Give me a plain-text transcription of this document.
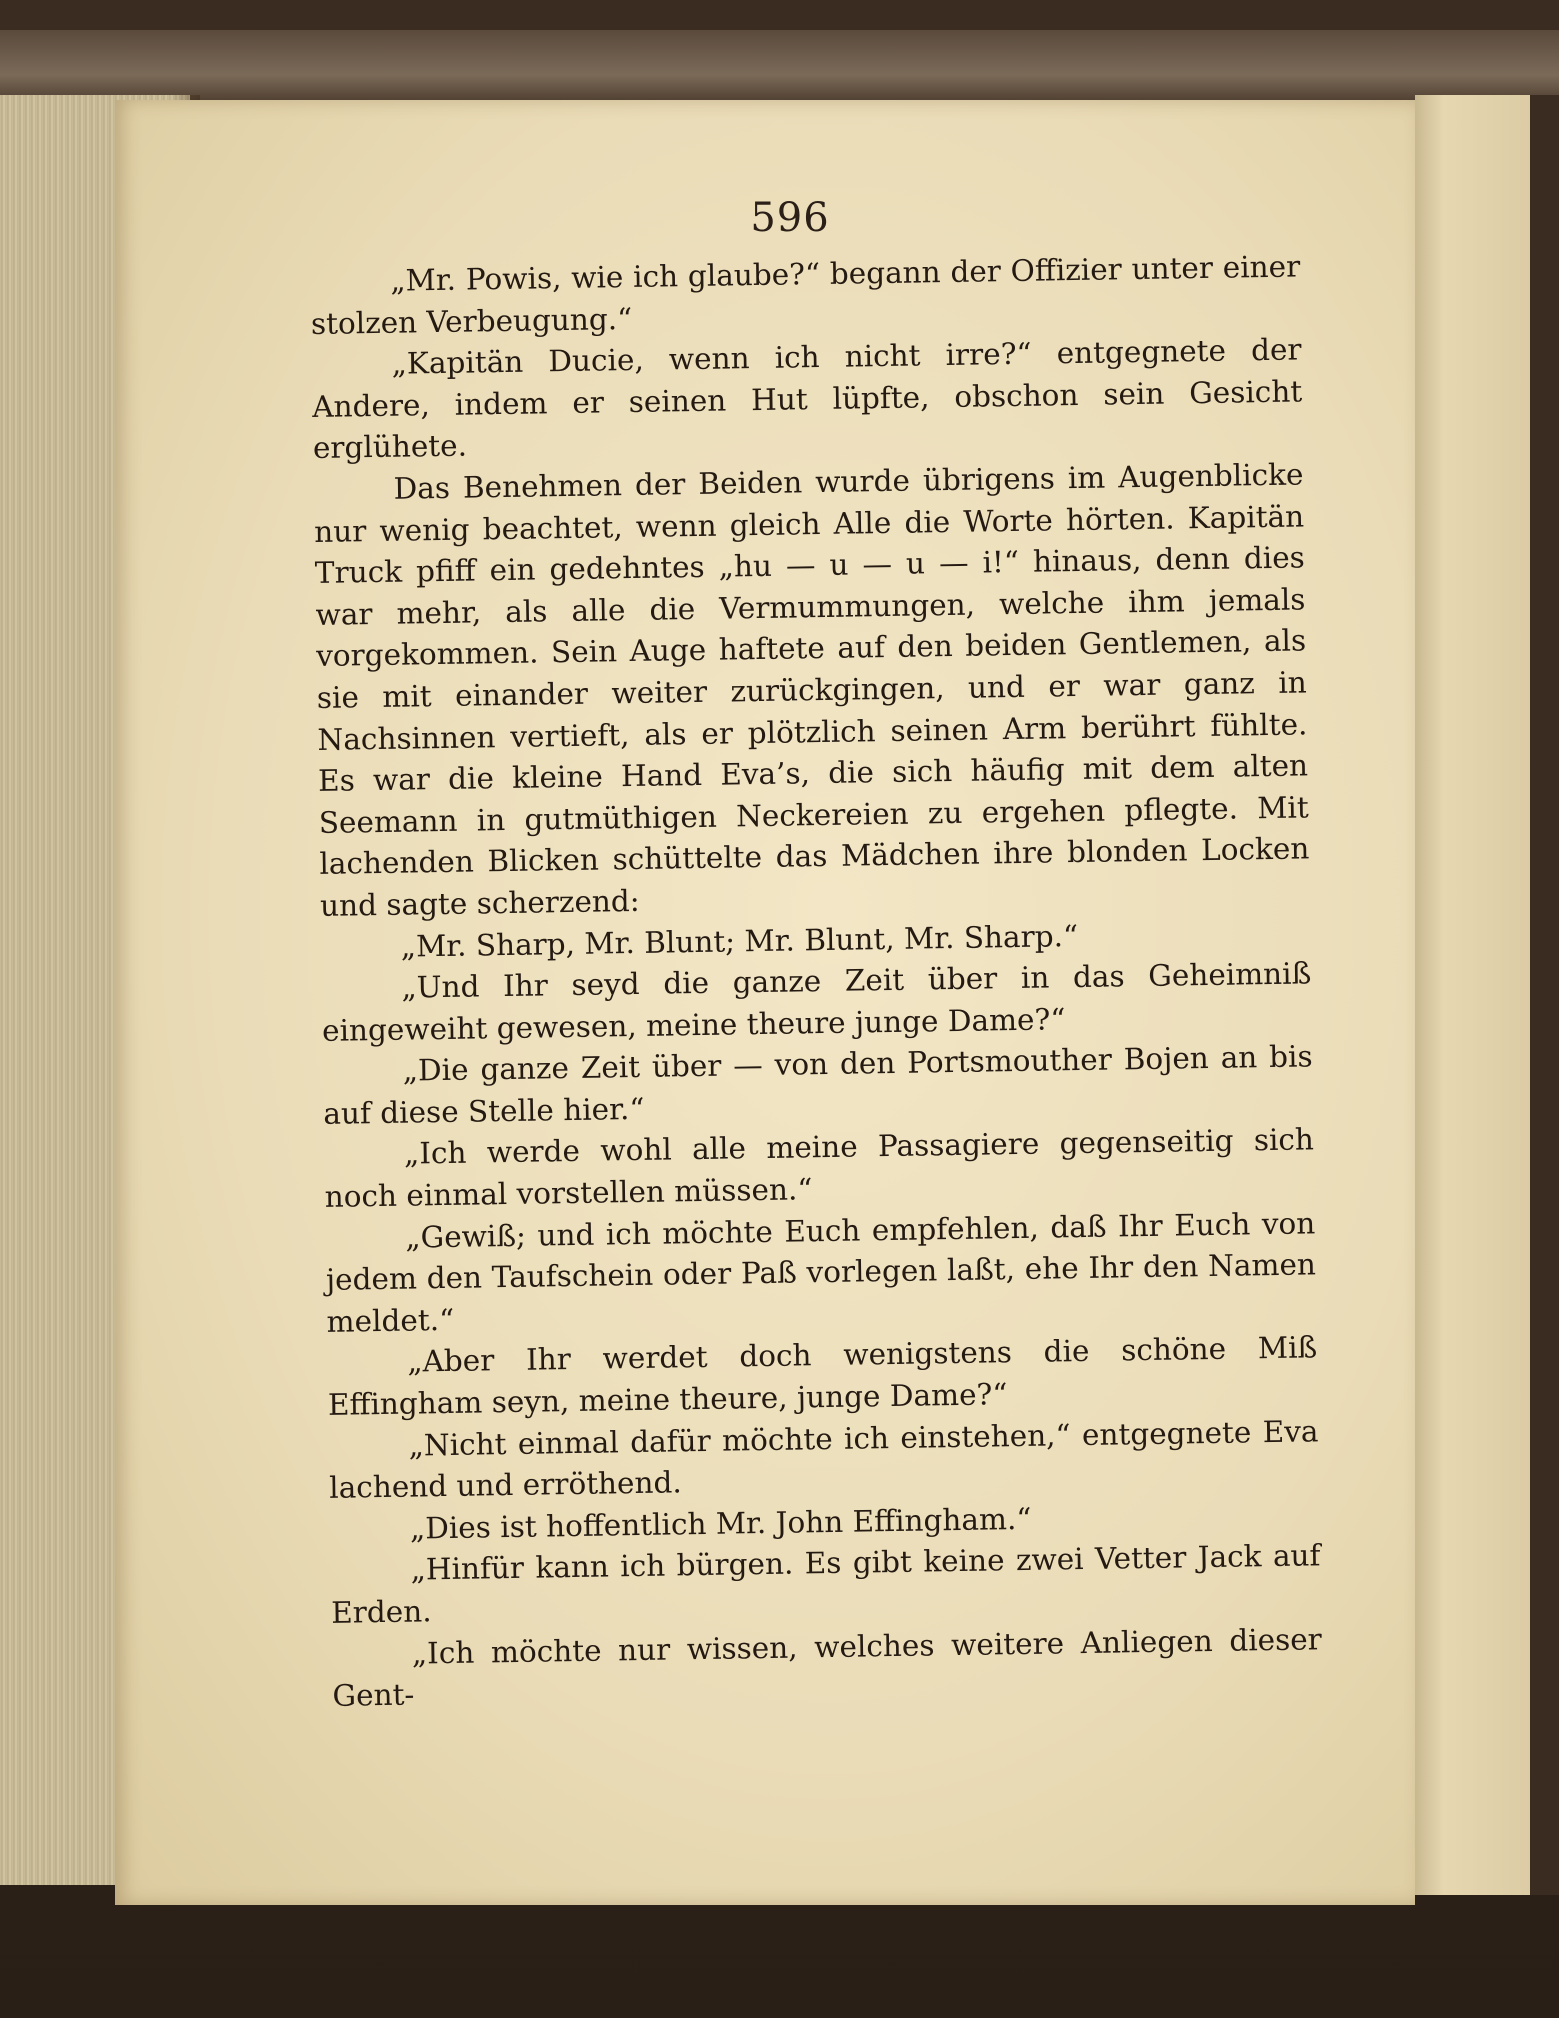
596

„Mr. Powis, wie ich glaube?“ begann der Offizier unter einer stolzen Verbeugung.“

„Kapitän Ducie, wenn ich nicht irre?“ entgegnete der Andere, indem er seinen Hut lüpfte, obschon sein Gesicht erglühete.

Das Benehmen der Beiden wurde übrigens im Augenblicke nur wenig beachtet, wenn gleich Alle die Worte hörten. Kapitän Truck pfiff ein gedehntes „hu — u — u — i!“ hinaus, denn dies war mehr, als alle die Vermummungen, welche ihm jemals vorgekommen. Sein Auge haftete auf den beiden Gentlemen, als sie mit einander weiter zurückgingen, und er war ganz in Nachsinnen vertieft, als er plötzlich seinen Arm berührt fühlte. Es war die kleine Hand Eva’s, die sich häufig mit dem alten Seemann in gutmüthigen Neckereien zu ergehen pflegte. Mit lachenden Blicken schüttelte das Mädchen ihre blonden Locken und sagte scherzend:

„Mr. Sharp, Mr. Blunt; Mr. Blunt, Mr. Sharp.“

„Und Ihr seyd die ganze Zeit über in das Geheimniß eingeweiht gewesen, meine theure junge Dame?“

„Die ganze Zeit über — von den Portsmouther Bojen an bis auf diese Stelle hier.“

„Ich werde wohl alle meine Passagiere gegenseitig sich noch einmal vorstellen müssen.“

„Gewiß; und ich möchte Euch empfehlen, daß Ihr Euch von jedem den Taufschein oder Paß vorlegen laßt, ehe Ihr den Namen meldet.“

„Aber Ihr werdet doch wenigstens die schöne Miß Effingham seyn, meine theure, junge Dame?“

„Nicht einmal dafür möchte ich einstehen,“ entgegnete Eva lachend und erröthend.

„Dies ist hoffentlich Mr. John Effingham.“

„Hinfür kann ich bürgen. Es gibt keine zwei Vetter Jack auf Erden.

„Ich möchte nur wissen, welches weitere Anliegen dieser Gent-
